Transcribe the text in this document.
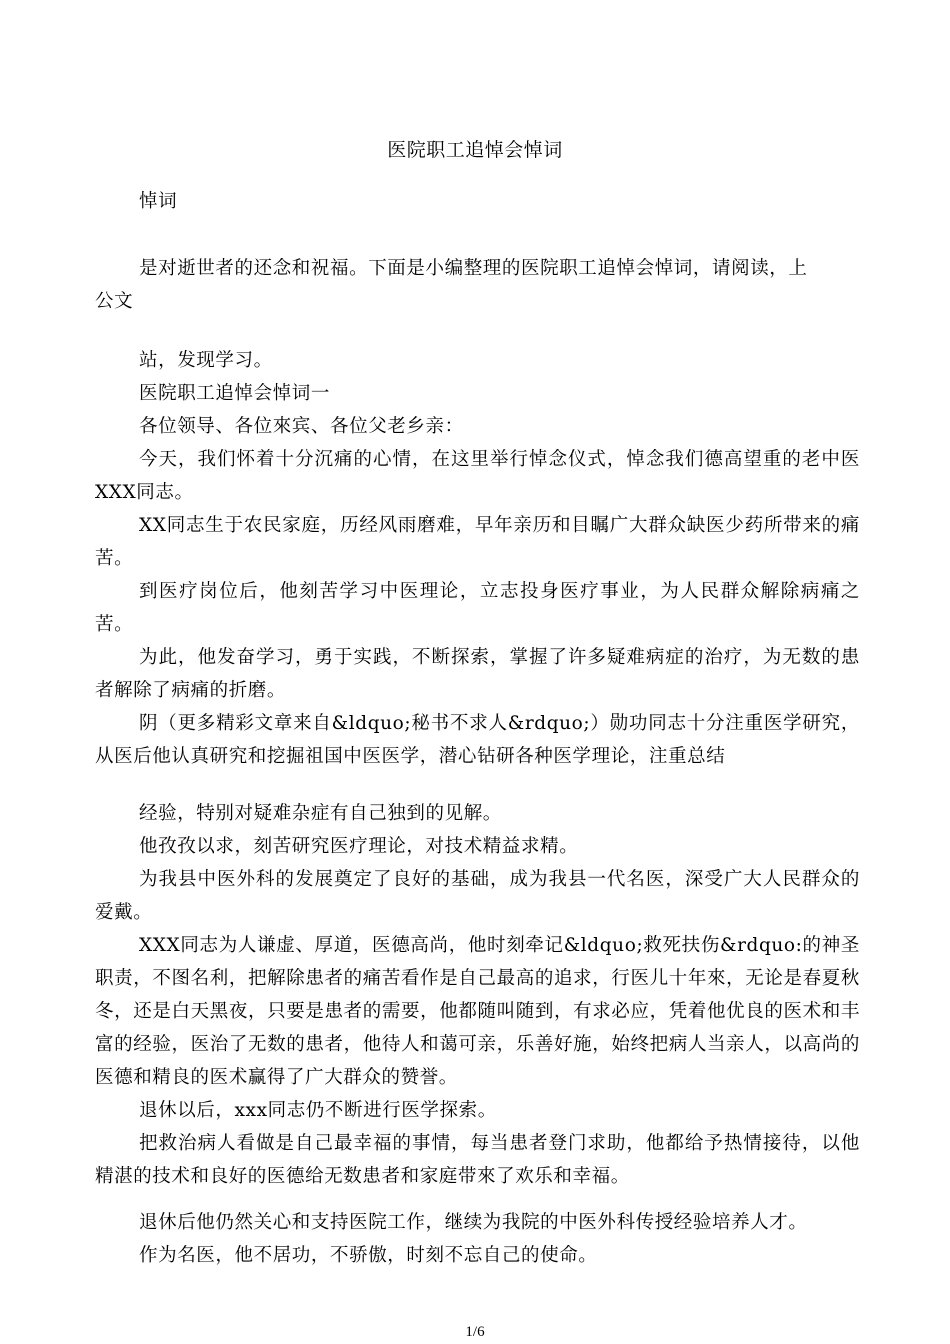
医院职工追悼会悼词

悼词

是对逝世者的还念和祝福。下面是小编整理的医院职工追悼会悼词，请阅读，上

公文

站，发现学习。

医院职工追悼会悼词一

各位领导、各位來宾、各位父老乡亲：

今天，我们怀着十分沉痛的心情，在这里举行悼念仪式，悼念我们德高望重的老中医XXX同志。

XX同志生于农民家庭，历经风雨磨难，早年亲历和目瞩广大群众缺医少药所带来的痛苦。

到医疗岗位后，他刻苦学习中医理论，立志投身医疗事业，为人民群众解除病痛之苦。

为此，他发奋学习，勇于实践，不断探索，掌握了许多疑难病症的治疗，为无数的患者解除了病痛的折磨。

阴（更多精彩文章来自&ldquo;秘书不求人&rdquo;）勋功同志十分注重医学研究，从医后他认真研究和挖掘祖国中医医学，潜心钻研各种医学理论，注重总结

经验，特别对疑难杂症有自己独到的见解。

他孜孜以求，刻苦研究医疗理论，对技术精益求精。

为我县中医外科的发展奠定了良好的基础，成为我县一代名医，深受广大人民群众的爱戴。

XXX同志为人谦虚、厚道，医德高尚，他时刻牵记&ldquo;救死扶伤&rdquo:的神圣职责，不图名利，把解除患者的痛苦看作是自己最高的追求，行医儿十年來，无论是春夏秋冬，还是白天黑夜，只要是患者的需要，他都随叫随到，有求必应，凭着他优良的医术和丰富的经验，医治了无数的患者，他待人和蔼可亲，乐善好施，始终把病人当亲人，以高尚的医德和精良的医术赢得了广大群众的赞誉。

退休以后，xxx同志仍不断进行医学探索。

把救治病人看做是自己最幸福的事情，每当患者登门求助，他都给予热情接待，以他精湛的技术和良好的医德给无数患者和家庭带來了欢乐和幸福。

退休后他仍然关心和支持医院工作，继续为我院的中医外科传授经验培养人才。

作为名医，他不居功，不骄傲，时刻不忘自己的使命。

1/6
